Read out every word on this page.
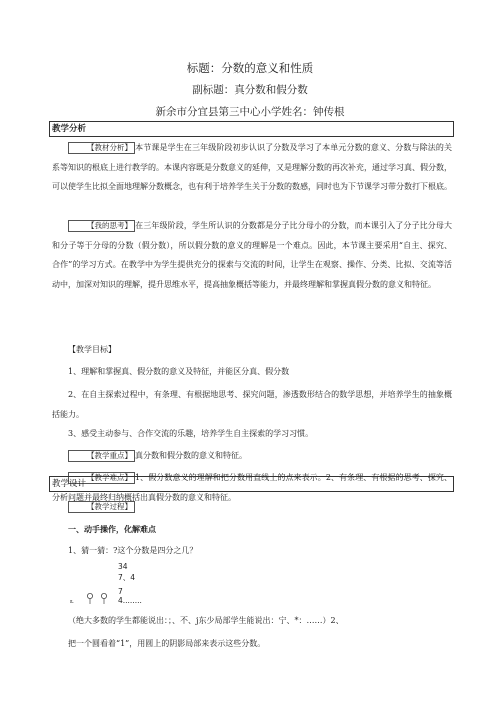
标题：分数的意义和性质
副标题：真分数和假分数
新余市分宜县第三中心小学姓名：钟传根
教学分析
【教材分析】 本节课是学生在三年级阶段初步认识了分数及学习了本单元分数的意义、分数与除法的关系等知识的根底上进行教学的。本课内容既是分数意义的延伸，又是理解分数的再次补充，通过学习真、假分数，可以使学生比拟全面地理解分数概念，也有利于培养学生关于分数的数感，同时也为下节课学习带分数打下根底。
【我的思考】 在三年级阶段，学生所认识的分数都是分子比分母小的分数，而本课引入了分子比分母大和分子等于分母的分数（假分数），所以假分数的意义的理解是一个难点。因此，本节课主要采用“自主、探究、合作”的学习方式。在教学中为学生提供充分的探索与交流的时间，让学生在观察、操作、分类、比拟、交流等活动中，加深对知识的理解，提升思维水平，提高抽象概括等能力，并最终理解和掌握真假分数的意义和特征。
【教学目标】
1、理解和掌握真、假分数的意义及特征，并能区分真、假分数
2、在自主探索过程中，有条理、有根据地思考、探究问题，渗透数形结合的数学思想，并培养学生的抽象概括能力。
3、感受主动参与、合作交流的乐趣，培养学生自主探索的学习习惯。
【教学重点】 真分数和假分数的意义和特征。
【教学难点】 1、假分数意义的理解和把分数用直线上的点来表示。2、有条理、有根据的思考、探究、分析问题并最终归纳概括出真假分数的意义和特征。
教学设计
【教学过程】
一、动手操作，化解难点
1、猜一猜：?这个分数是四分之几？
34
7、4
7
4........
ఽ
（绝大多数的学生都能说出：；、不、j东少局部学生能说出：宁、*：……）2、
把一个圆看着“1”，用圆上的阴影局部来表示这些分数。
